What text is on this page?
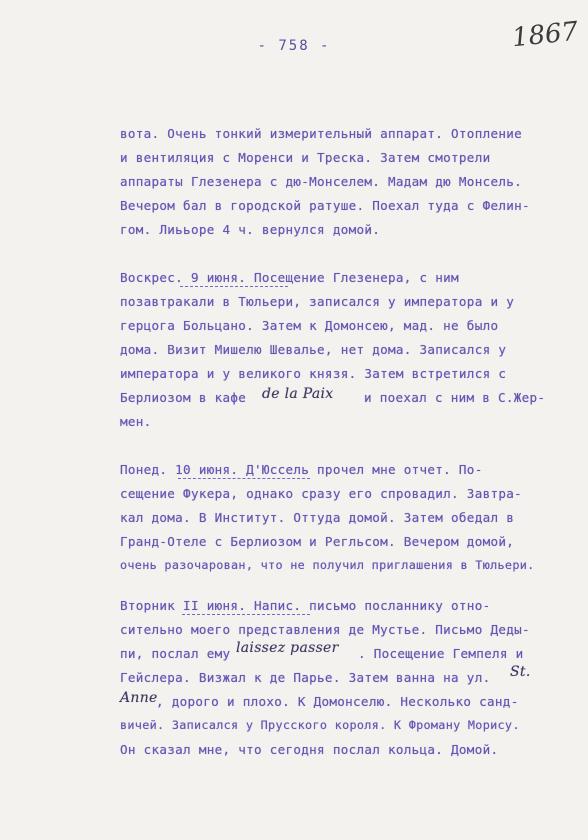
- 758 -	1867
вота. Очень тонкий измерительный аппарат. Отопление
и вентиляция с Моренси и Треска. Затем смотрели
аппараты Глезенера с дю-Монселем. Мадам дю Монсель.
Вечером бал в городской ратуше. Поехал туда с Фелин-
гом. Лиььоре 4 ч. вернулся домой.
Воскрес. 9 июня. Посещение Глезенера, с ним
позавтракали в Тюльери, записался у императора и у
герцога Больцано. Затем к Домонсею, мад. не было
дома. Визит Мишелю Шевалье, нет дома. Записался у
императора и у великого князя. Затем встретился с
Берлиозом в кафе de la Paix и поехал с ним в С.Жер-
мен.
Понед. 10 июня. Д'Юссель прочел мне отчет. По-
сещение Фукера, однако сразу его спровадил. Завтра-
кал дома. В Институт. Оттуда домой. Затем обедал в
Гранд-Отеле с Берлиозом и Регльсом. Вечером домой,
очень разочарован, что не получил приглашения в Тюльери.
Вторник II июня. Напис. письмо посланнику отно-
сительно моего представления де Мустье. Письмо Деды-
пи, послал ему laissez passer . Посещение Гемпеля и
Гейслера. Визжал к де Парье. Затем ванна на ул. St.
Anne
, дорого и плохо. К Домонселю. Несколько санд-
вичей. Записался у Прусского короля. К Фроману Морису.
Он сказал мне, что сегодня послал кольца. Домой.
